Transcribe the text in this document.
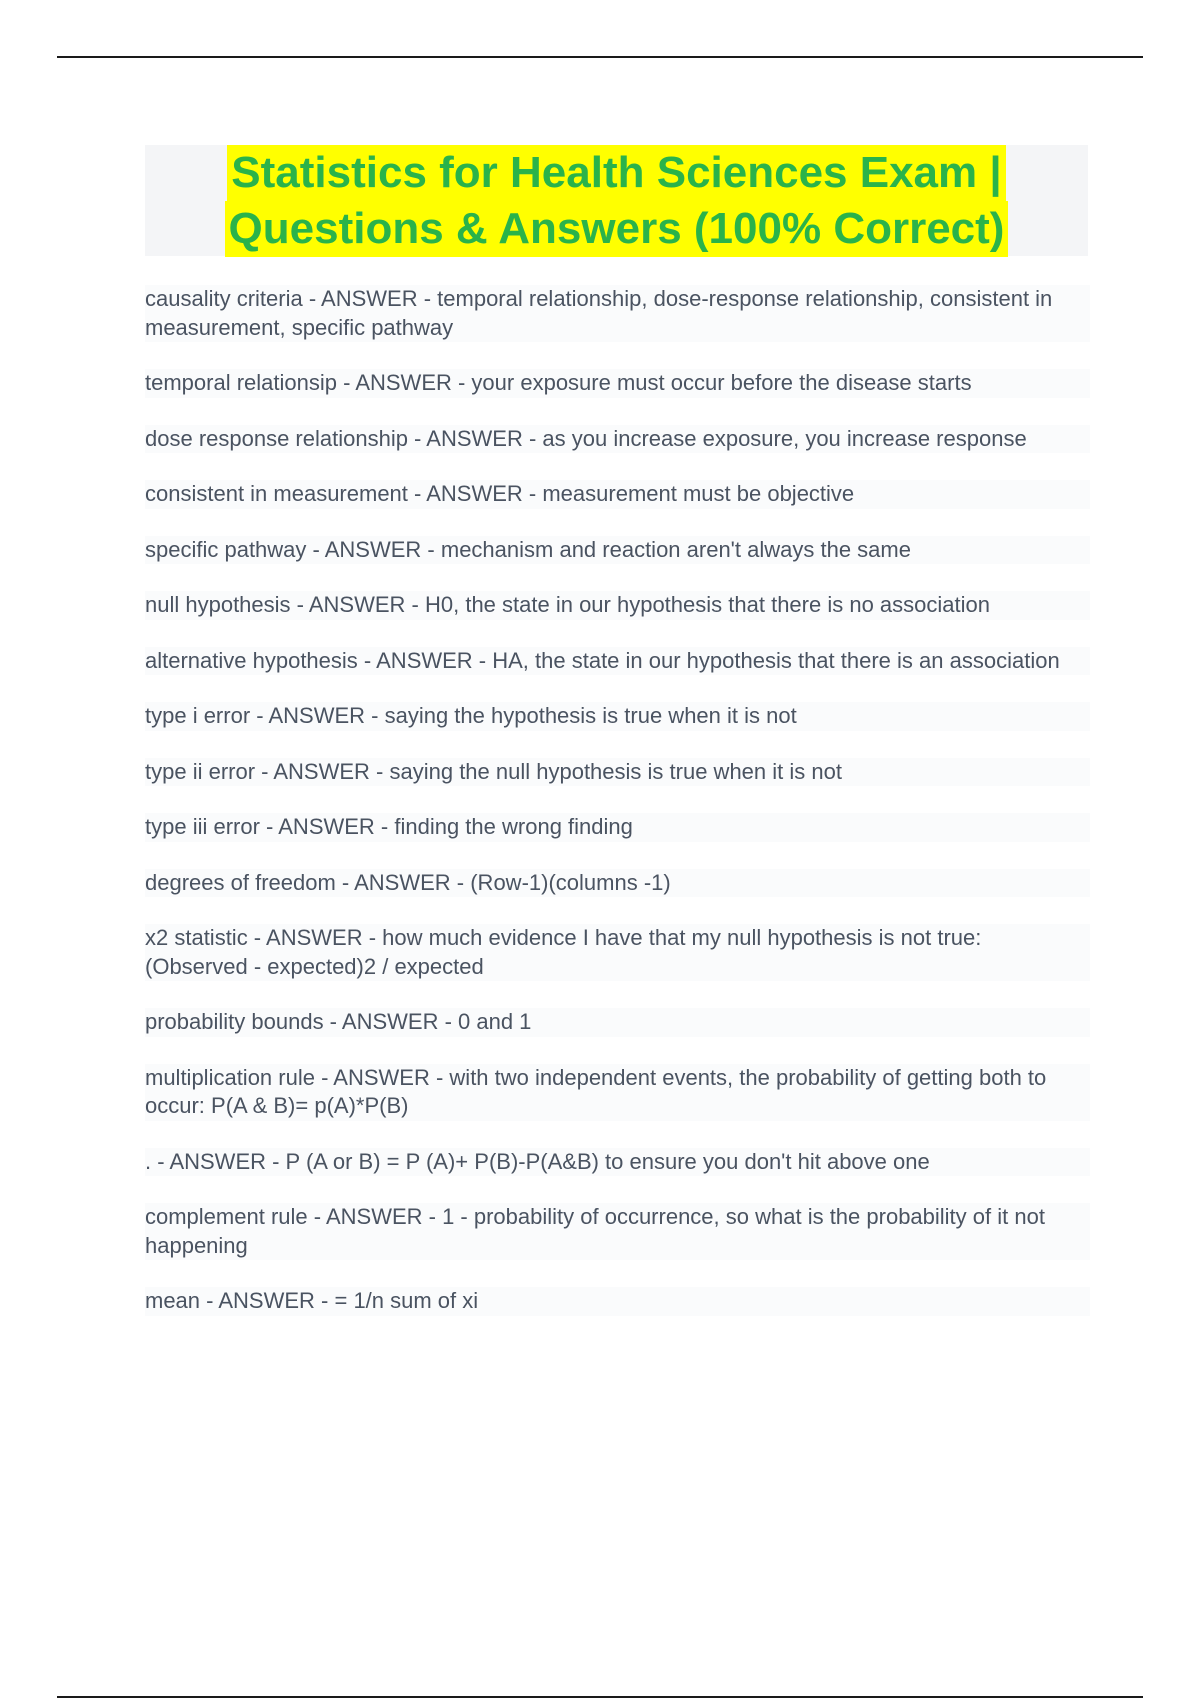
Statistics for Health Sciences Exam |
Questions & Answers (100% Correct)
causality criteria - ANSWER - temporal relationship, dose-response relationship, consistent in measurement, specific pathway
temporal relationsip - ANSWER - your exposure must occur before the disease starts
dose response relationship - ANSWER - as you increase exposure, you increase response
consistent in measurement - ANSWER - measurement must be objective
specific pathway - ANSWER - mechanism and reaction aren't always the same
null hypothesis - ANSWER - H0, the state in our hypothesis that there is no association
alternative hypothesis - ANSWER - HA, the state in our hypothesis that there is an association
type i error - ANSWER - saying the hypothesis is true when it is not
type ii error - ANSWER - saying the null hypothesis is true when it is not
type iii error - ANSWER - finding the wrong finding
degrees of freedom - ANSWER - (Row-1)(columns -1)
x2 statistic - ANSWER - how much evidence I have that my null hypothesis is not true: (Observed - expected)2 / expected
probability bounds - ANSWER - 0 and 1
multiplication rule - ANSWER - with two independent events, the probability of getting both to occur: P(A & B)= p(A)*P(B)
. - ANSWER - P (A or B) = P (A)+ P(B)-P(A&B) to ensure you don't hit above one
complement rule - ANSWER - 1 - probability of occurrence, so what is the probability of it not happening
mean - ANSWER - = 1/n sum of xi
